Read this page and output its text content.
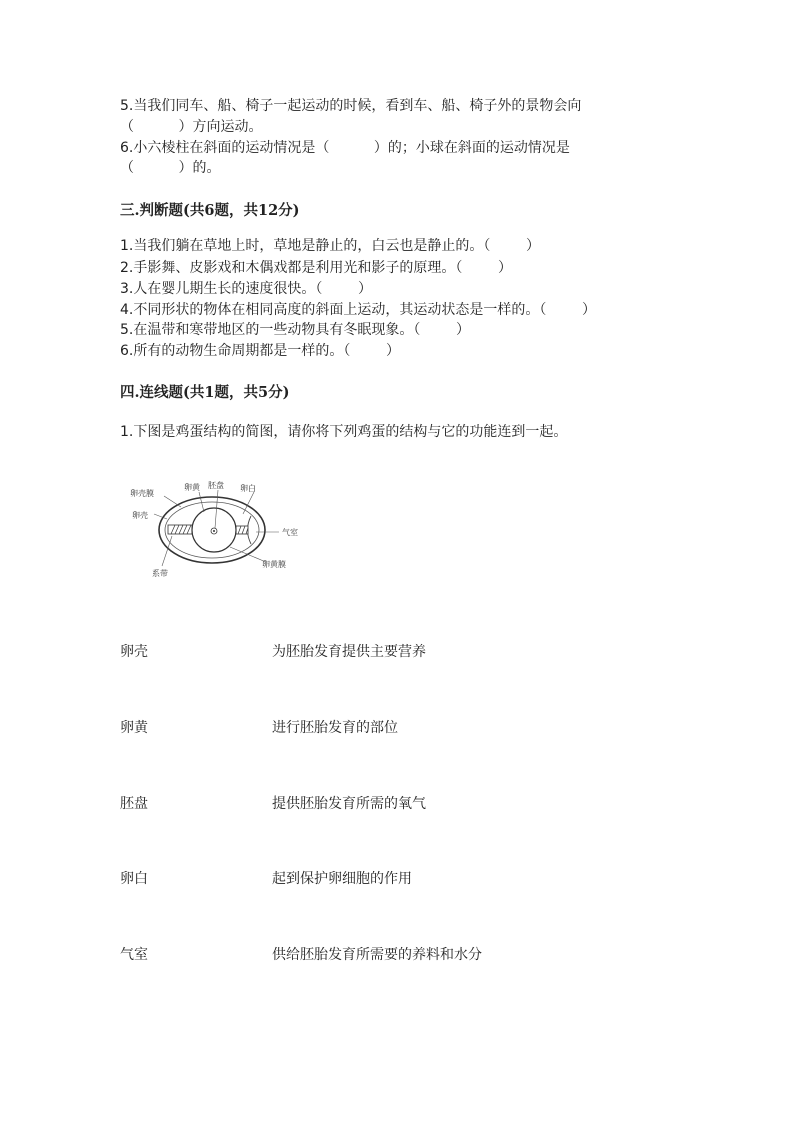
5.当我们同车、船、椅子一起运动的时候，看到车、船、椅子外的景物会向
（          ）方向运动。
6.小六棱柱在斜面的运动情况是（          ）的；小球在斜面的运动情况是
（          ）的。
三.判断题(共6题，共12分)
1.当我们躺在草地上时，草地是静止的，白云也是静止的。（        ）
2.手影舞、皮影戏和木偶戏都是利用光和影子的原理。（        ）
3.人在婴儿期生长的速度很快。（        ）
4.不同形状的物体在相同高度的斜面上运动，其运动状态是一样的。（        ）
5.在温带和寒带地区的一些动物具有冬眠现象。（        ）
6.所有的动物生命周期都是一样的。（        ）
四.连线题(共1题，共5分)
1.下图是鸡蛋结构的简图，请你将下列鸡蛋的结构与它的功能连到一起。
卵壳膜
卵壳
卵黄 胚盘 卵白
气室
系带
卵黄膜
卵壳	为胚胎发育提供主要营养
卵黄	进行胚胎发育的部位
胚盘	提供胚胎发育所需的氧气
卵白	起到保护卵细胞的作用
气室	供给胚胎发育所需要的养料和水分
